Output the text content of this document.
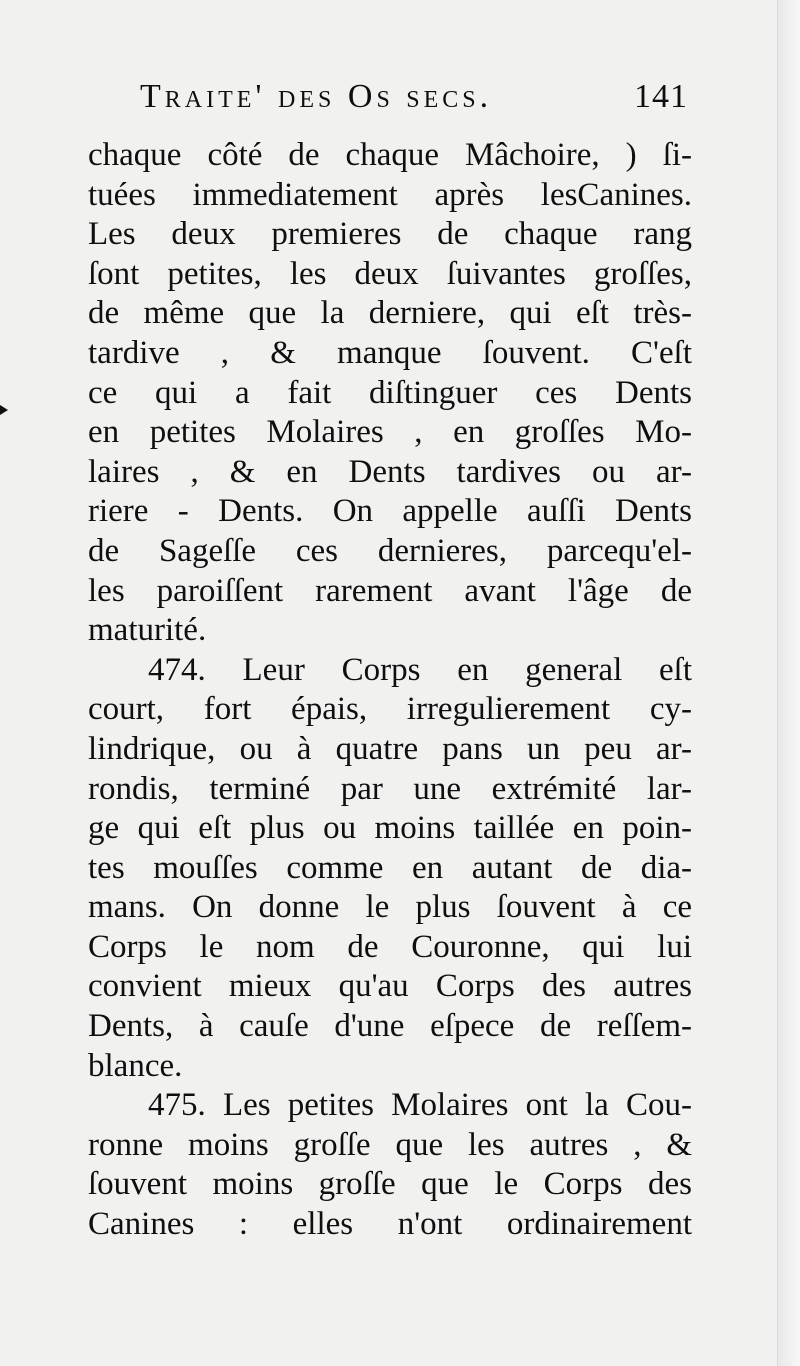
Traite' des Os secs.	141
chaque côté de chaque Mâchoire, ) ſi-
tuées immediatement après lesCanines.
Les deux premieres de chaque rang
ſont petites, les deux ſuivantes groſſes,
de même que la derniere, qui eſt très-
tardive , & manque ſouvent. C'eſt
ce qui a fait diſtinguer ces Dents
en petites Molaires , en groſſes Mo-
laires , & en Dents tardives ou ar-
riere - Dents. On appelle auſſi Dents
de Sageſſe ces dernieres, parcequ'el-
les paroiſſent rarement avant l'âge de
maturité.
474. Leur Corps en general eſt
court, fort épais, irregulierement cy-
lindrique, ou à quatre pans un peu ar-
rondis, terminé par une extrémité lar-
ge qui eſt plus ou moins taillée en poin-
tes mouſſes comme en autant de dia-
mans. On donne le plus ſouvent à ce
Corps le nom de Couronne, qui lui
convient mieux qu'au Corps des autres
Dents, à cauſe d'une eſpece de reſſem-
blance.
475. Les petites Molaires ont la Cou-
ronne moins groſſe que les autres , &
ſouvent moins groſſe que le Corps des
Canines : elles n'ont ordinairement
